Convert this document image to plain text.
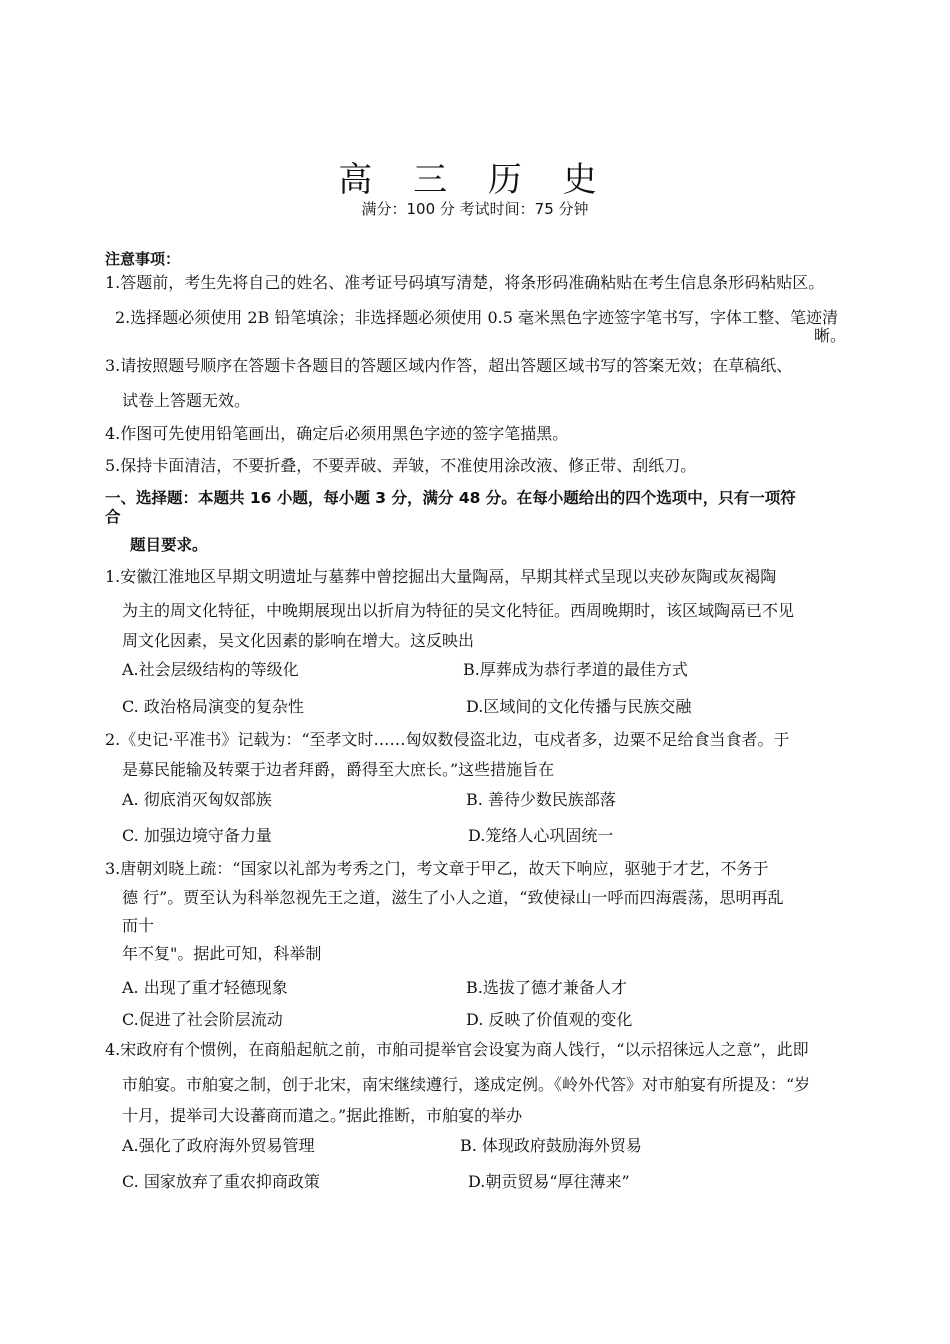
高 三 历 史
满分：100 分 考试时间：75 分钟
注意事项：
1.答题前，考生先将自己的姓名、准考证号码填写清楚，将条形码准确粘贴在考生信息条形码粘贴区。
2.选择题必须使用 2B 铅笔填涂；非选择题必须使用 0.5 毫米黑色字迹签字笔书写，字体工整、笔迹清
晰。
3.请按照题号顺序在答题卡各题目的答题区域内作答，超出答题区域书写的答案无效；在草稿纸、
试卷上答题无效。
4.作图可先使用铅笔画出，确定后必须用黑色字迹的签字笔描黑。
5.保持卡面清洁，不要折叠，不要弄破、弄皱，不准使用涂改液、修正带、刮纸刀。
一、选择题：本题共 16 小题，每小题 3 分，满分 48 分。在每小题给出的四个选项中，只有一项符
合
题目要求。
1.安徽江淮地区早期文明遗址与墓葬中曾挖掘出大量陶鬲，早期其样式呈现以夹砂灰陶或灰褐陶
为主的周文化特征，中晚期展现出以折肩为特征的吴文化特征。西周晚期时，该区域陶鬲已不见
周文化因素，吴文化因素的影响在增大。这反映出
A.社会层级结构的等级化	B.厚葬成为恭行孝道的最佳方式
C. 政治格局演变的复杂性	D.区域间的文化传播与民族交融
2.《史记·平准书》记载为：“至孝文时……匈奴数侵盗北边，屯戍者多，边粟不足给食当食者。于
是募民能输及转粟于边者拜爵，爵得至大庶长。”这些措施旨在
A. 彻底消灭匈奴部族	B. 善待少数民族部落
C. 加强边境守备力量	D.笼络人心巩固统一
3.唐朝刘晓上疏：“国家以礼部为考秀之门，考文章于甲乙，故天下响应，驱驰于才艺，不务于
德 行”。贾至认为科举忽视先王之道，滋生了小人之道，“致使禄山一呼而四海震荡，思明再乱
而十
年不复"。据此可知，科举制
A. 出现了重才轻德现象	B.选拔了德才兼备人才
C.促进了社会阶层流动	D. 反映了价值观的变化
4.宋政府有个惯例，在商船起航之前，市舶司提举官会设宴为商人饯行，“以示招徕远人之意”，此即
市舶宴。市舶宴之制，创于北宋，南宋继续遵行，遂成定例。《岭外代答》对市舶宴有所提及：“岁
十月，提举司大设蕃商而遣之。”据此推断，市舶宴的举办
A.强化了政府海外贸易管理	B. 体现政府鼓励海外贸易
C. 国家放弃了重农抑商政策	D.朝贡贸易“厚往薄来”
